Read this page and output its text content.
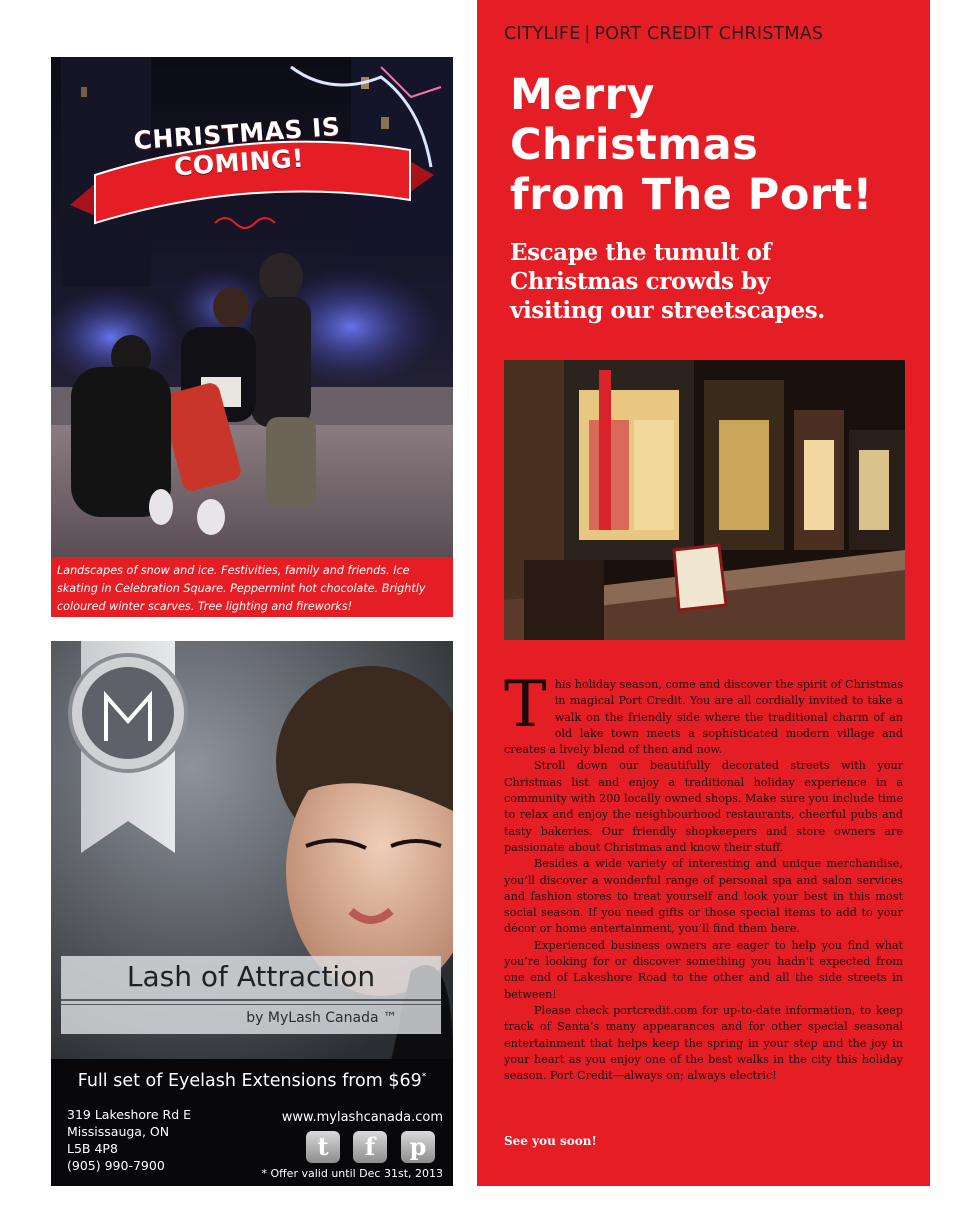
CHRISTMAS IS COMING!
Landscapes of snow and ice. Festivities, family and friends. Ice skating in Celebration Square. Peppermint hot chocolate. Brightly coloured winter scarves. Tree lighting and fireworks!
Lash of Attraction
by MyLash Canada ™
Full set of Eyelash Extensions from $69*
319 Lakeshore Rd E
Mississauga, ON
L5B 4P8
(905) 990-7900
www.mylashcanada.com
t	f	p
* Offer valid until Dec 31st, 2013
CITYLIFE | PORT CREDIT CHRISTMAS
Merry
Christmas
from The Port!
Escape the tumult of
Christmas crowds by
visiting our streetscapes.

This holiday season, come and discover the spirit of Christmas in magical Port Credit. You are all cordially invited to take a walk on the friendly side where the traditional charm of an old lake town meets a sophisticated modern village and creates a lively blend of then and now.

Stroll down our beautifully decorated streets with your Christmas list and enjoy a traditional holiday experience in a community with 200 locally owned shops. Make sure you include time to relax and enjoy the neighbourhood restaurants, cheerful pubs and tasty bakeries. Our friendly shopkeepers and store owners are passionate about Christmas and know their stuff.

Besides a wide variety of interesting and unique merchandise, you’ll discover a wonderful range of personal spa and salon services and fashion stores to treat yourself and look your best in this most social season. If you need gifts or those special items to add to your décor or home entertainment, you’ll find them here.

Experienced business owners are eager to help you find what you’re looking for or discover something you hadn’t expected from one end of Lakeshore Road to the other and all the side streets in between!

Please check portcredit.com for up-to-date information, to keep track of Santa’s many appearances and for other special seasonal entertainment that helps keep the spring in your step and the joy in your heart as you enjoy one of the best walks in the city this holiday season. Port Credit—always on; always electric!

See you soon!
